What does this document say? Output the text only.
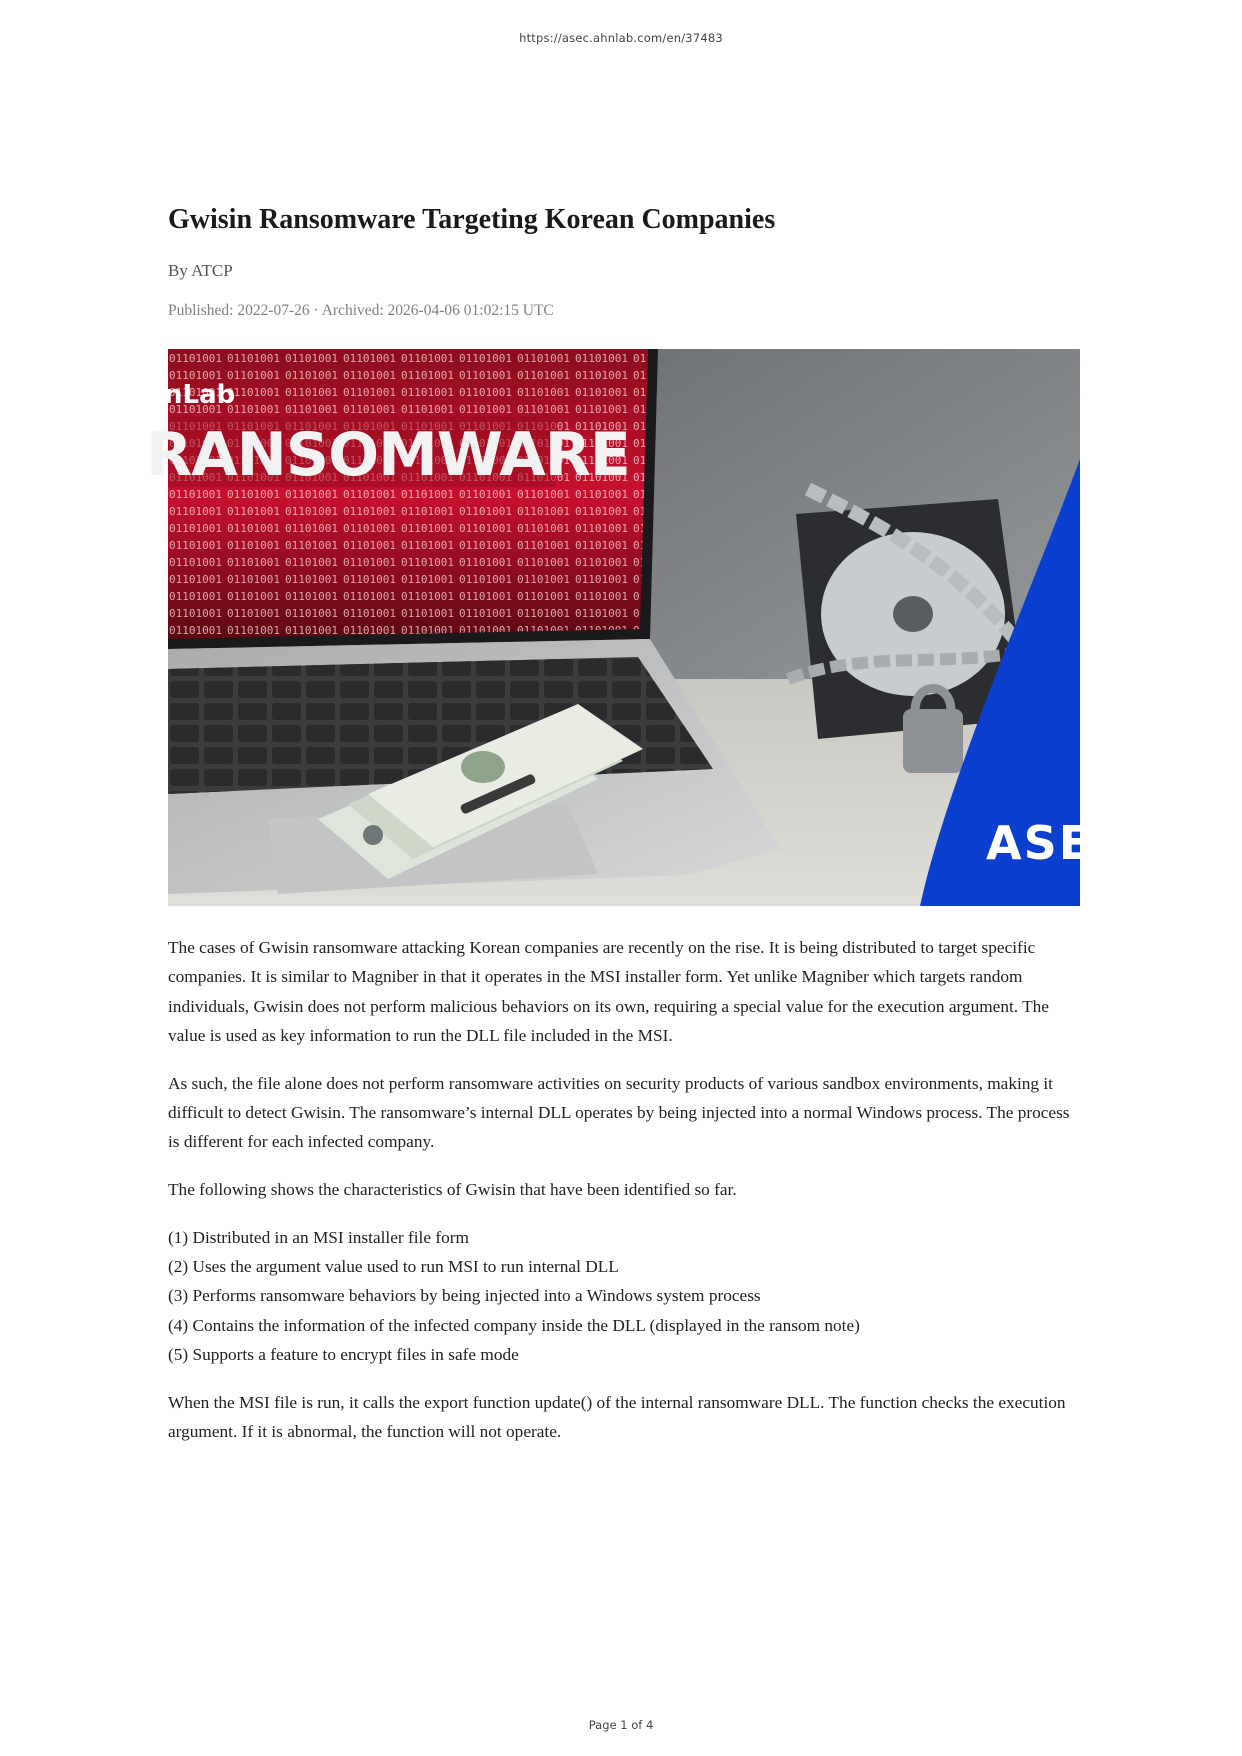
https://asec.ahnlab.com/en/37483
Gwisin Ransomware Targeting Korean Companies
By ATCP
Published: 2022-07-26 · Archived: 2026-04-06 01:02:15 UTC
nLab
RANSOMWARE
ASE

The cases of Gwisin ransomware attacking Korean companies are recently on the rise. It is being distributed to target specific companies. It is similar to Magniber in that it operates in the MSI installer form. Yet unlike Magniber which targets random individuals, Gwisin does not perform malicious behaviors on its own, requiring a special value for the execution argument. The value is used as key information to run the DLL file included in the MSI.

As such, the file alone does not perform ransomware activities on security products of various sandbox environments, making it difficult to detect Gwisin. The ransomware’s internal DLL operates by being injected into a normal Windows process. The process is different for each infected company.

The following shows the characteristics of Gwisin that have been identified so far.

(1) Distributed in an MSI installer file form
(2) Uses the argument value used to run MSI to run internal DLL
(3) Performs ransomware behaviors by being injected into a Windows system process
(4) Contains the information of the infected company inside the DLL (displayed in the ransom note)
(5) Supports a feature to encrypt files in safe mode

When the MSI file is run, it calls the export function update() of the internal ransomware DLL. The function checks the execution argument. If it is abnormal, the function will not operate.

Page 1 of 4
